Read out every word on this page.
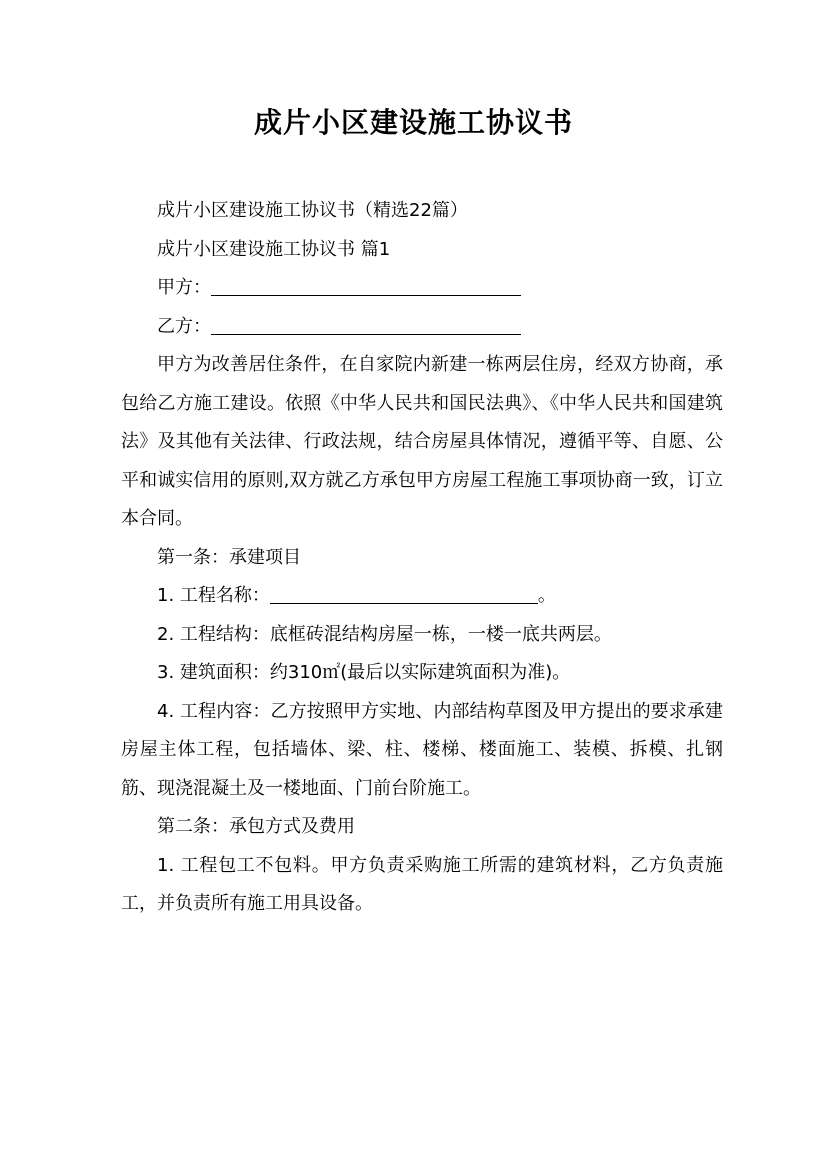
成片小区建设施工协议书

成片小区建设施工协议书（精选22篇）

成片小区建设施工协议书 篇1

甲方：

乙方：

甲方为改善居住条件，在自家院内新建一栋两层住房，经双方协商，承包给乙方施工建设。依照《中华人民共和国民法典》、《中华人民共和国建筑法》及其他有关法律、行政法规，结合房屋具体情况，遵循平等、自愿、公平和诚实信用的原则,双方就乙方承包甲方房屋工程施工事项协商一致，订立本合同。

第一条：承建项目

1. 工程名称：	。

2. 工程结构：底框砖混结构房屋一栋，一楼一底共两层。

3. 建筑面积：约310㎡(最后以实际建筑面积为准)。

4. 工程内容：乙方按照甲方实地、内部结构草图及甲方提出的要求承建房屋主体工程，包括墙体、梁、柱、楼梯、楼面施工、装模、拆模、扎钢筋、现浇混凝土及一楼地面、门前台阶施工。

第二条：承包方式及费用

1. 工程包工不包料。甲方负责采购施工所需的建筑材料，乙方负责施工，并负责所有施工用具设备。
